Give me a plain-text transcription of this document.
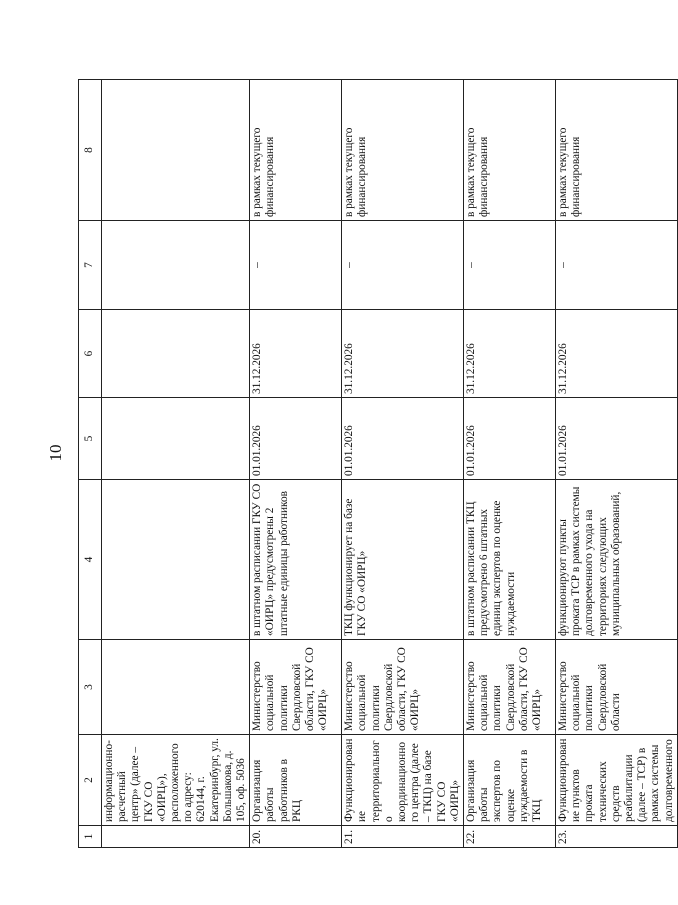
10
1	2	3	4	5	6	7	8
	информационно-расчетный центр» (далее – ГКУ СО «ОИРЦ»), расположенного по адресу: 620144, г. Екатеринбург, ул. Большакова, д. 105, оф. 5036						
20.	Организация работы работников в РКЦ	Министерство социальной политики Свердловской области, ГКУ СО «ОИРЦ»	в штатном расписании ГКУ СО «ОИРЦ» предусмотрены 2 штатные единицы работников	01.01.2026	31.12.2026	–	в рамках текущего финансирования
21.	Функционирование территориального координационного центра (далее – ТКЦ) на базе ГКУ СО «ОИРЦ»	Министерство социальной политики Свердловской области, ГКУ СО «ОИРЦ»	ТКЦ функционирует на базе ГКУ СО «ОИРЦ»	01.01.2026	31.12.2026	–	в рамках текущего финансирования
22.	Организация работы экспертов по оценке нуждаемости в ТКЦ	Министерство социальной политики Свердловской области, ГКУ СО «ОИРЦ»	в штатном расписании ТКЦ предусмотрено 6 штатных единиц экспертов по оценке нуждаемости	01.01.2026	31.12.2026	–	в рамках текущего финансирования
23.	Функционирование пунктов проката технических средств реабилитации (далее – ТСР) в рамках системы долговременного	Министерство социальной политики Свердловской области	функционируют пункты проката ТСР в рамках системы долговременного ухода на территориях следующих муниципальных образований,	01.01.2026	31.12.2026	–	в рамках текущего финансирования
